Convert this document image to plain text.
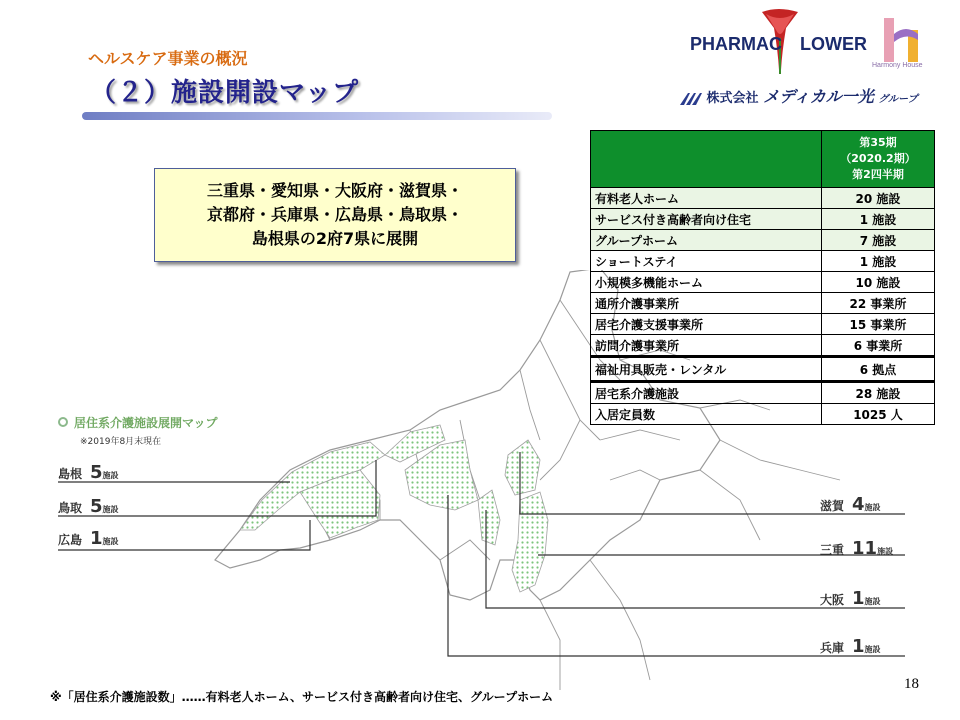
ヘルスケア事業の概況
（２）施設開設マップ
PHARMAC LOWER
Harmony House
株式会社 メディカル一光 グループ
三重県・愛知県・大阪府・滋賀県・
京都府・兵庫県・広島県・鳥取県・
島根県の2府7県に展開
居住系介護施設展開マップ
※2019年8月末現在
島根 5施設
鳥取 5施設
広島 1施設
滋賀 4施設
三重 11施設
大阪 1施設
兵庫 1施設

	第35期
（2020.2期）
第2四半期

有料老人ホーム	20 施設
サービス付き高齢者向け住宅	1 施設
グループホーム	7 施設
ショートステイ	1 施設
小規模多機能ホーム	10 施設
通所介護事業所	22 事業所
居宅介護支援事業所	15 事業所
訪問介護事業所	6 事業所
福祉用具販売・レンタル	6 拠点
居宅系介護施設	28 施設
入居定員数	1025 人
18
※「居住系介護施設数」……有料老人ホーム、サービス付き高齢者向け住宅、グループホーム
